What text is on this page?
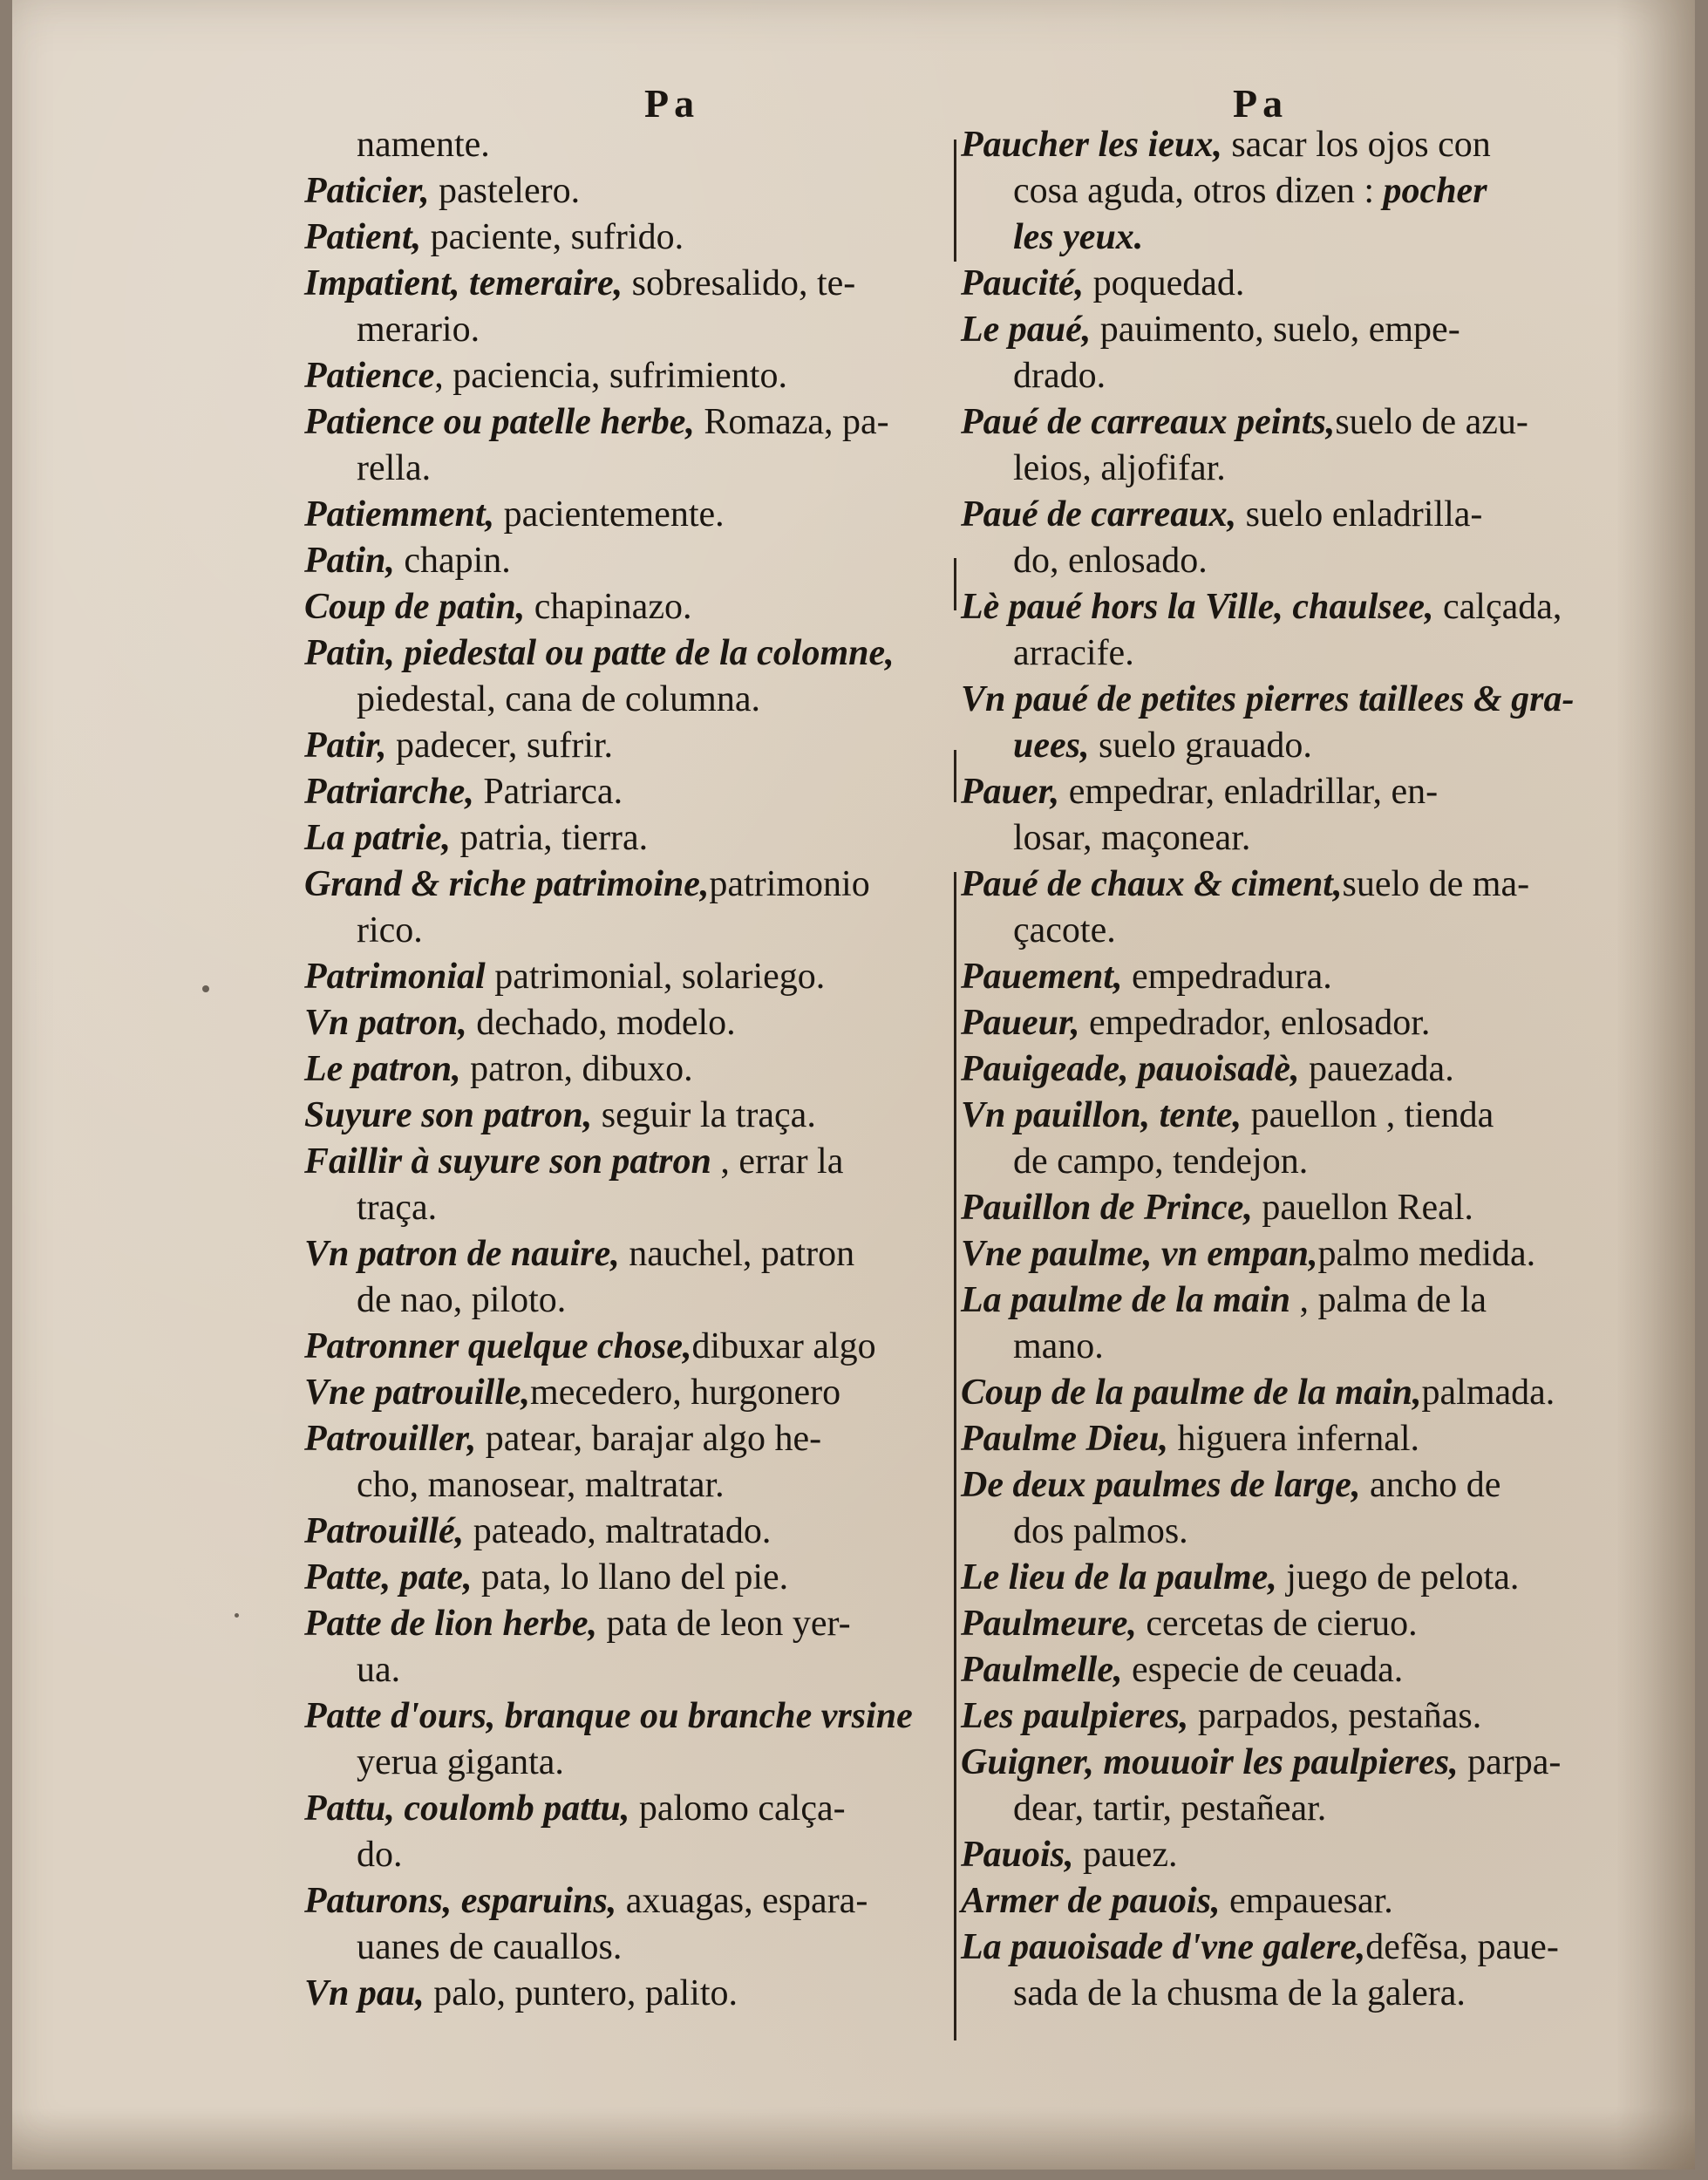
Pa	Pa
namente.
Paticier, pastelero.
Patient, paciente, sufrido.
Impatient, temeraire, sobresalido, te-
merario.
Patience, paciencia, sufrimiento.
Patience ou patelle herbe, Romaza, pa-
rella.
Patiemment, pacientemente.
Patin, chapin.
Coup de patin, chapinazo.
Patin, piedestal ou patte de la colomne,
piedestal, cana de columna.
Patir, padecer, sufrir.
Patriarche, Patriarca.
La patrie, patria, tierra.
Grand & riche patrimoine,patrimonio
rico.
Patrimonial patrimonial, solariego.
Vn patron, dechado, modelo.
Le patron, patron, dibuxo.
Suyure son patron, seguir la traça.
Faillir à suyure son patron , errar la
traça.
Vn patron de nauire, nauchel, patron
de nao, piloto.
Patronner quelque chose,dibuxar algo
Vne patrouille,mecedero, hurgonero
Patrouiller, patear, barajar algo he-
cho, manosear, maltratar.
Patrouillé, pateado, maltratado.
Patte, pate, pata, lo llano del pie.
Patte de lion herbe, pata de leon yer-
ua.
Patte d'ours, branque ou branche vrsine
yerua giganta.
Pattu, coulomb pattu, palomo calça-
do.
Paturons, esparuins, axuagas, esparа-
uanes de cauallos.
Vn pau, palo, puntero, palito.
Paucher les ieux, sacar los ojos con
cosa aguda, otros dizen : pocher
les yeux.
Paucité, poquedad.
Le paué, pauimento, suelo, empe-
drado.
Paué de carreaux peints,suelo de azu-
leios, aljofifar.
Paué de carreaux, suelo enladrilla-
do, enlosado.
Lè paué hors la Ville, chaulsee, calçada,
arracife.
Vn paué de petites pierres taillees & gra-
uees, suelo grauado.
Pauer, empedrar, enladrillar, en-
losar, maçonear.
Paué de chaux & ciment,suelo de ma-
çacote.
Pauement, empedradura.
Paueur, empedrador, enlosador.
Pauigeade, pauoisadè, pauezada.
Vn pauillon, tente, pauellon , tienda
de campo, tendejon.
Pauillon de Prince, pauellon Real.
Vne paulme, vn empan,palmo medida.
La paulme de la main , palma de la
mano.
Coup de la paulme de la main,palmada.
Paulme Dieu, higuera infernal.
De deux paulmes de large, ancho de
dos palmos.
Le lieu de la paulme, juego de pelota.
Paulmeure, cercetas de cieruo.
Paulmelle, especie de ceuada.
Les paulpieres, parpados, pestañas.
Guigner, mouuoir les paulpieres, parpa-
dear, tartir, pestañear.
Pauois, pauez.
Armer de pauois, empauesar.
La pauoisade d'vne galere,defẽsa, paue-
sada de la chusma de la galera.
